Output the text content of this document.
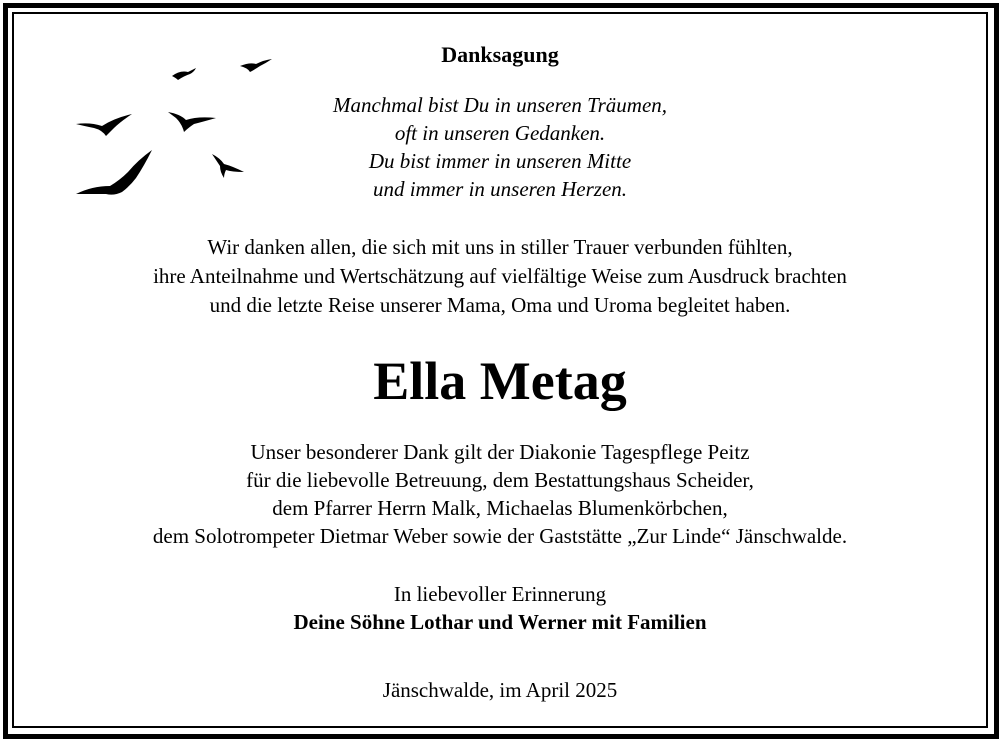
Danksagung
Manchmal bist Du in unseren Träumen,
oft in unseren Gedanken.
Du bist immer in unseren Mitte
und immer in unseren Herzen.
Wir danken allen, die sich mit uns in stiller Trauer verbunden fühlten,
ihre Anteilnahme und Wertschätzung auf vielfältige Weise zum Ausdruck brachten
und die letzte Reise unserer Mama, Oma und Uroma begleitet haben.
Ella Metag
Unser besonderer Dank gilt der Diakonie Tagespflege Peitz
für die liebevolle Betreuung, dem Bestattungshaus Scheider,
dem Pfarrer Herrn Malk, Michaelas Blumenkörbchen,
dem Solotrompeter Dietmar Weber sowie der Gaststätte „Zur Linde“ Jänschwalde.
In liebevoller Erinnerung
Deine Söhne Lothar und Werner mit Familien
Jänschwalde, im April 2025
